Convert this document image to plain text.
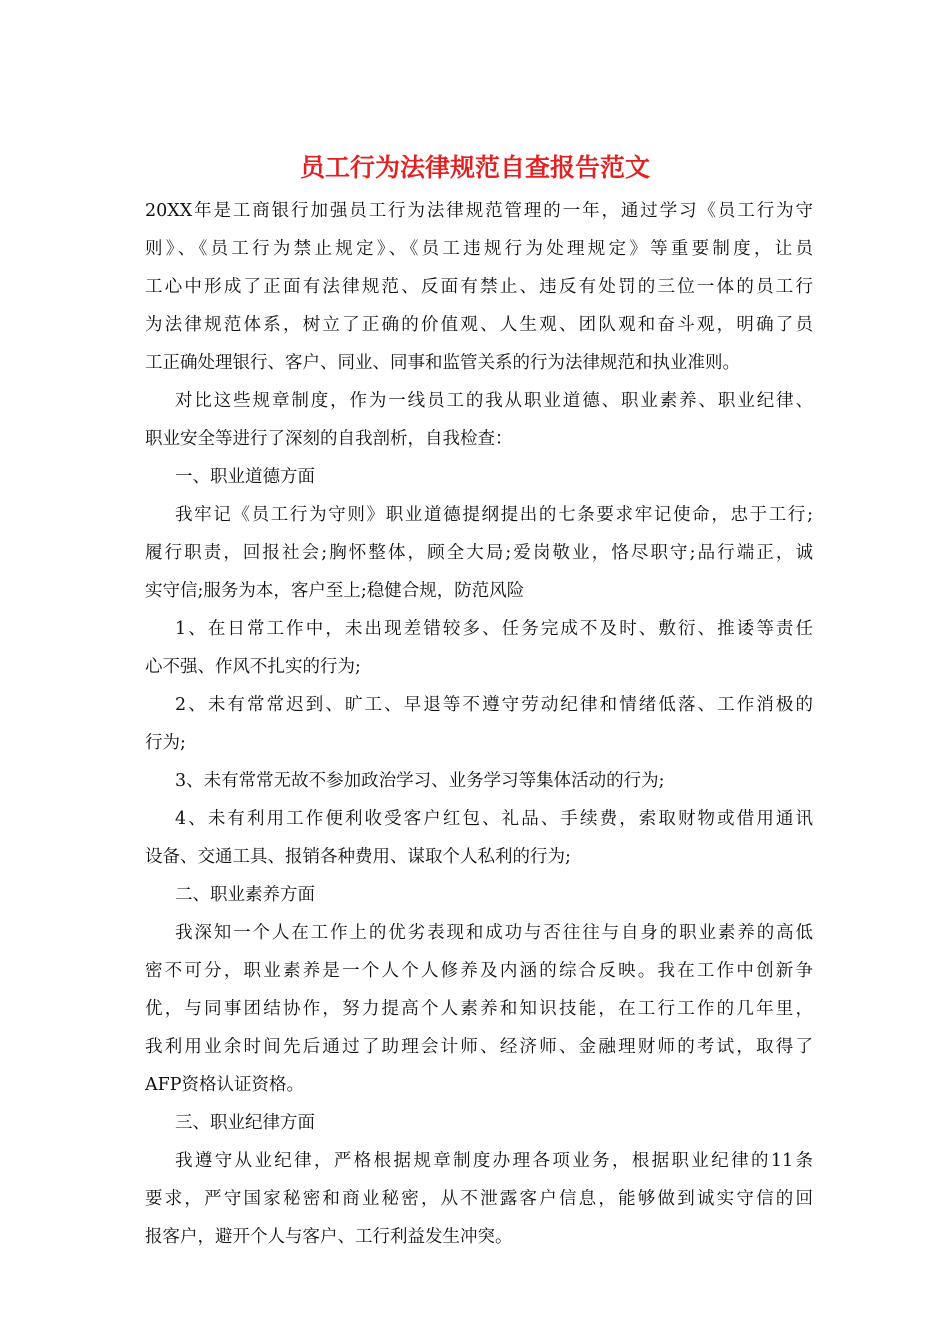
员工行为法律规范自查报告范文
20XX年是工商银行加强员工行为法律规范管理的一年，通过学习《员工行为守
则》、《员工行为禁止规定》、《员工违规行为处理规定》等重要制度，让员
工心中形成了正面有法律规范、反面有禁止、违反有处罚的三位一体的员工行
为法律规范体系，树立了正确的价值观、人生观、团队观和奋斗观，明确了员
工正确处理银行、客户、同业、同事和监管关系的行为法律规范和执业准则。
对比这些规章制度，作为一线员工的我从职业道德、职业素养、职业纪律、
职业安全等进行了深刻的自我剖析，自我检查：
一、职业道德方面
我牢记《员工行为守则》职业道德提纲提出的七条要求牢记使命，忠于工行;
履行职责，回报社会;胸怀整体，顾全大局;爱岗敬业，恪尽职守;品行端正，诚
实守信;服务为本，客户至上;稳健合规，防范风险
1、在日常工作中，未出现差错较多、任务完成不及时、敷衍、推诿等责任
心不强、作风不扎实的行为;
2、未有常常迟到、旷工、早退等不遵守劳动纪律和情绪低落、工作消极的
行为;
3、未有常常无故不参加政治学习、业务学习等集体活动的行为;
4、未有利用工作便利收受客户红包、礼品、手续费，索取财物或借用通讯
设备、交通工具、报销各种费用、谋取个人私利的行为;
二、职业素养方面
我深知一个人在工作上的优劣表现和成功与否往往与自身的职业素养的高低
密不可分，职业素养是一个人个人修养及内涵的综合反映。我在工作中创新争
优，与同事团结协作，努力提高个人素养和知识技能，在工行工作的几年里，
我利用业余时间先后通过了助理会计师、经济师、金融理财师的考试，取得了
AFP资格认证资格。
三、职业纪律方面
我遵守从业纪律，严格根据规章制度办理各项业务，根据职业纪律的11条
要求，严守国家秘密和商业秘密，从不泄露客户信息，能够做到诚实守信的回
报客户，避开个人与客户、工行利益发生冲突。
